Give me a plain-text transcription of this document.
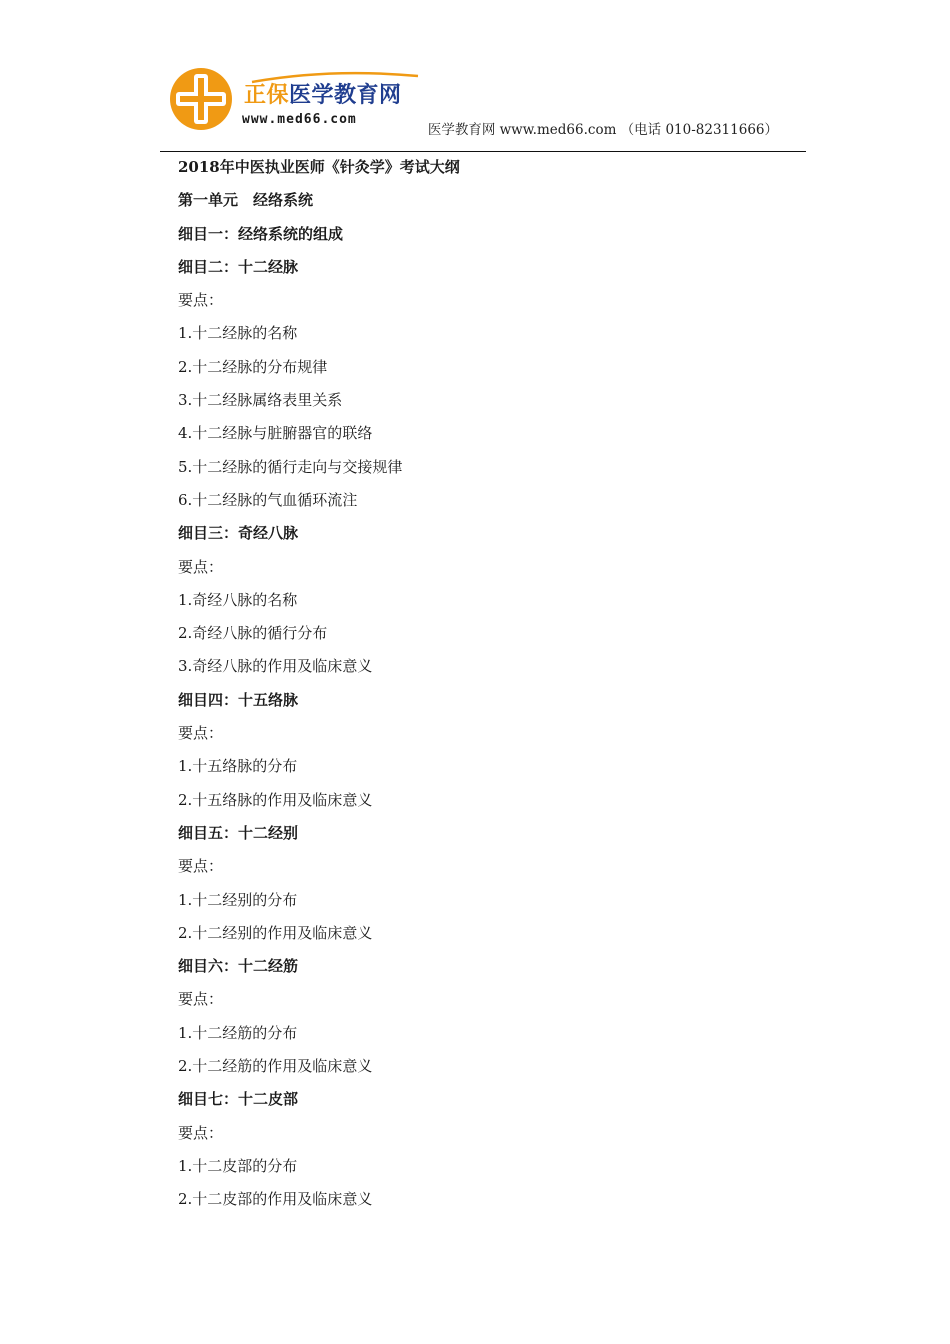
正保医学教育网
www.med66.com
医学教育网 www.med66.com （电话 010-82311666）
2018年中医执业医师《针灸学》考试大纲
第一单元　经络系统
细目一：经络系统的组成
细目二：十二经脉
要点：
1.十二经脉的名称
2.十二经脉的分布规律
3.十二经脉属络表里关系
4.十二经脉与脏腑器官的联络
5.十二经脉的循行走向与交接规律
6.十二经脉的气血循环流注
细目三：奇经八脉
要点：
1.奇经八脉的名称
2.奇经八脉的循行分布
3.奇经八脉的作用及临床意义
细目四：十五络脉
要点：
1.十五络脉的分布
2.十五络脉的作用及临床意义
细目五：十二经别
要点：
1.十二经别的分布
2.十二经别的作用及临床意义
细目六：十二经筋
要点：
1.十二经筋的分布
2.十二经筋的作用及临床意义
细目七：十二皮部
要点：
1.十二皮部的分布
2.十二皮部的作用及临床意义
